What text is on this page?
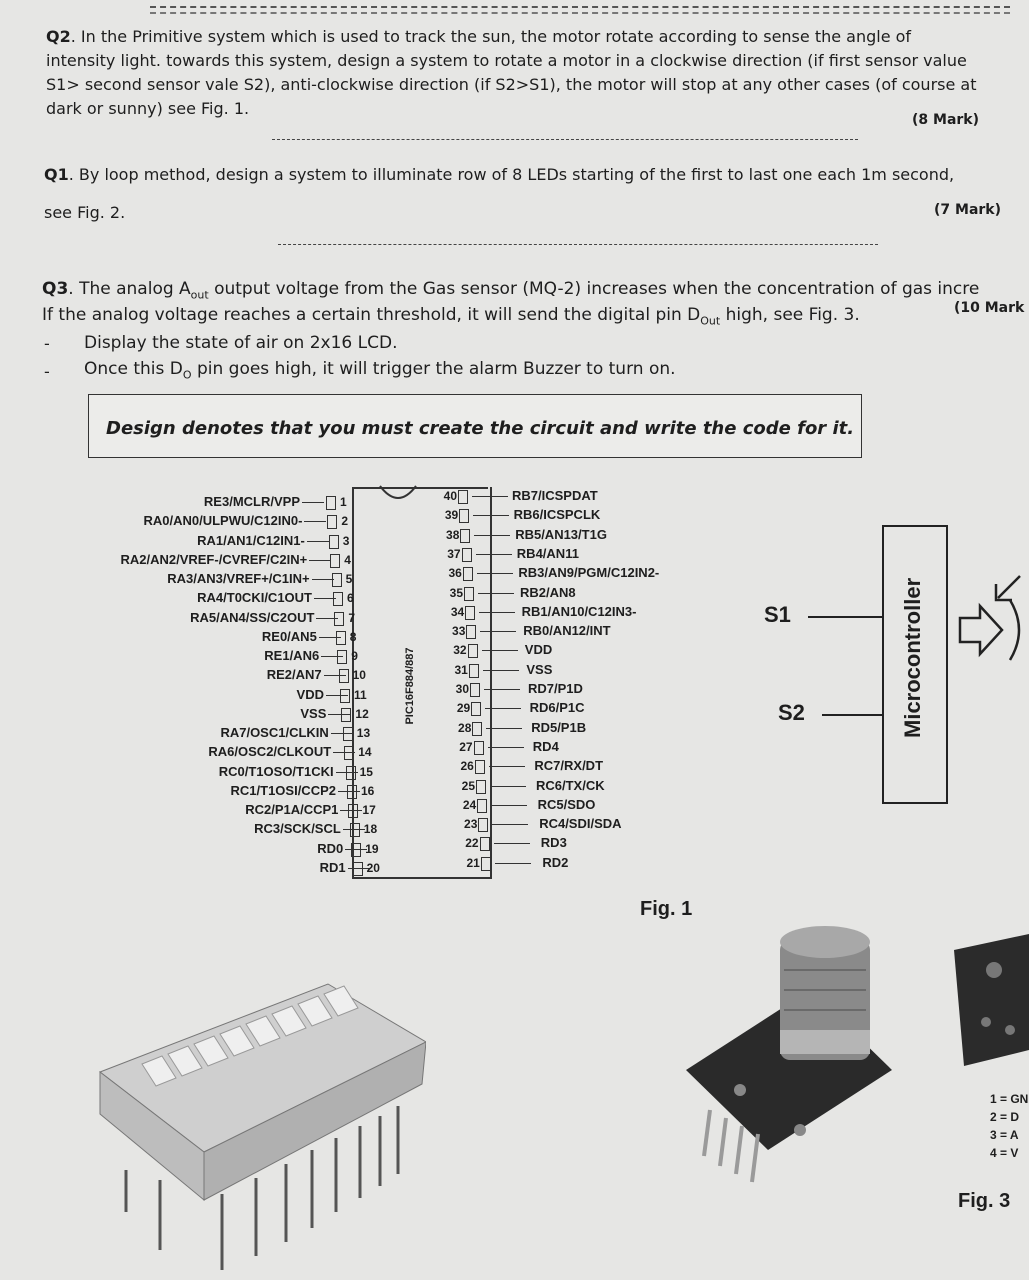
Q2. In the Primitive system which is used to track the sun, the motor rotate according to sense the angle of
intensity light. towards this system, design a system to rotate a motor in a clockwise direction (if first sensor value
S1> second sensor vale S2), anti-clockwise direction (if S2>S1), the motor will stop at any other cases (of course at
dark or sunny) see Fig. 1.
(8 Mark)
Q1. By loop method, design a system to illuminate row of 8 LEDs starting of the first to last one each 1m second,
see Fig. 2.	(7 Mark)
Q3. The analog $A_{out}$ output voltage from the Gas sensor (MQ-2) increases when the concentration of gas incre
If the analog voltage reaches a certain threshold, it will send the digital pin $D_{Out}$ high, see Fig. 3.	(10 Mark
- Display the state of air on 2x16 LCD.
- Once this $D_O$ pin goes high, it will trigger the alarm Buzzer to turn on.
Design denotes that you must create the circuit and write the code for it.
PIC16F884/887
RE3/MCLR/VPP	1
RA0/AN0/ULPWU/C12IN0-	2
RA1/AN1/C12IN1-	3
RA2/AN2/VREF-/CVREF/C2IN+	4
RA3/AN3/VREF+/C1IN+	5
RA4/T0CKI/C1OUT	6
RA5/AN4/SS/C2OUT	7
RE0/AN5	8
RE1/AN6	9
RE2/AN7	10
VDD	11
VSS 12
RA7/OSC1/CLKIN 13
RA6/OSC2/CLKOUT 14
RC0/T1OSO/T1CKI 15
RC1/T1OSI/CCP2 16
RC2/P1A/CCP1 17
RC3/SCK/SCL 18
RD0 19
RD1 20
40	RB7/ICSPDAT
39	RB6/ICSPCLK
38	RB5/AN13/T1G
37	RB4/AN11
36	RB3/AN9/PGM/C12IN2-
35	RB2/AN8
34	RB1/AN10/C12IN3-
33	RB0/AN12/INT
32	VDD
31	VSS
30	RD7/P1D
29	RD6/P1C
28	RD5/P1B
27	RD4
26	RC7/RX/DT
25	RC6/TX/CK
24	RC5/SDO
23	RC4/SDI/SDA
22	RD3
21	RD2
S1
S2	Microcontroller
Fig. 1
1 = GN
2 = D
3 = A
4 = V
Fig. 3
